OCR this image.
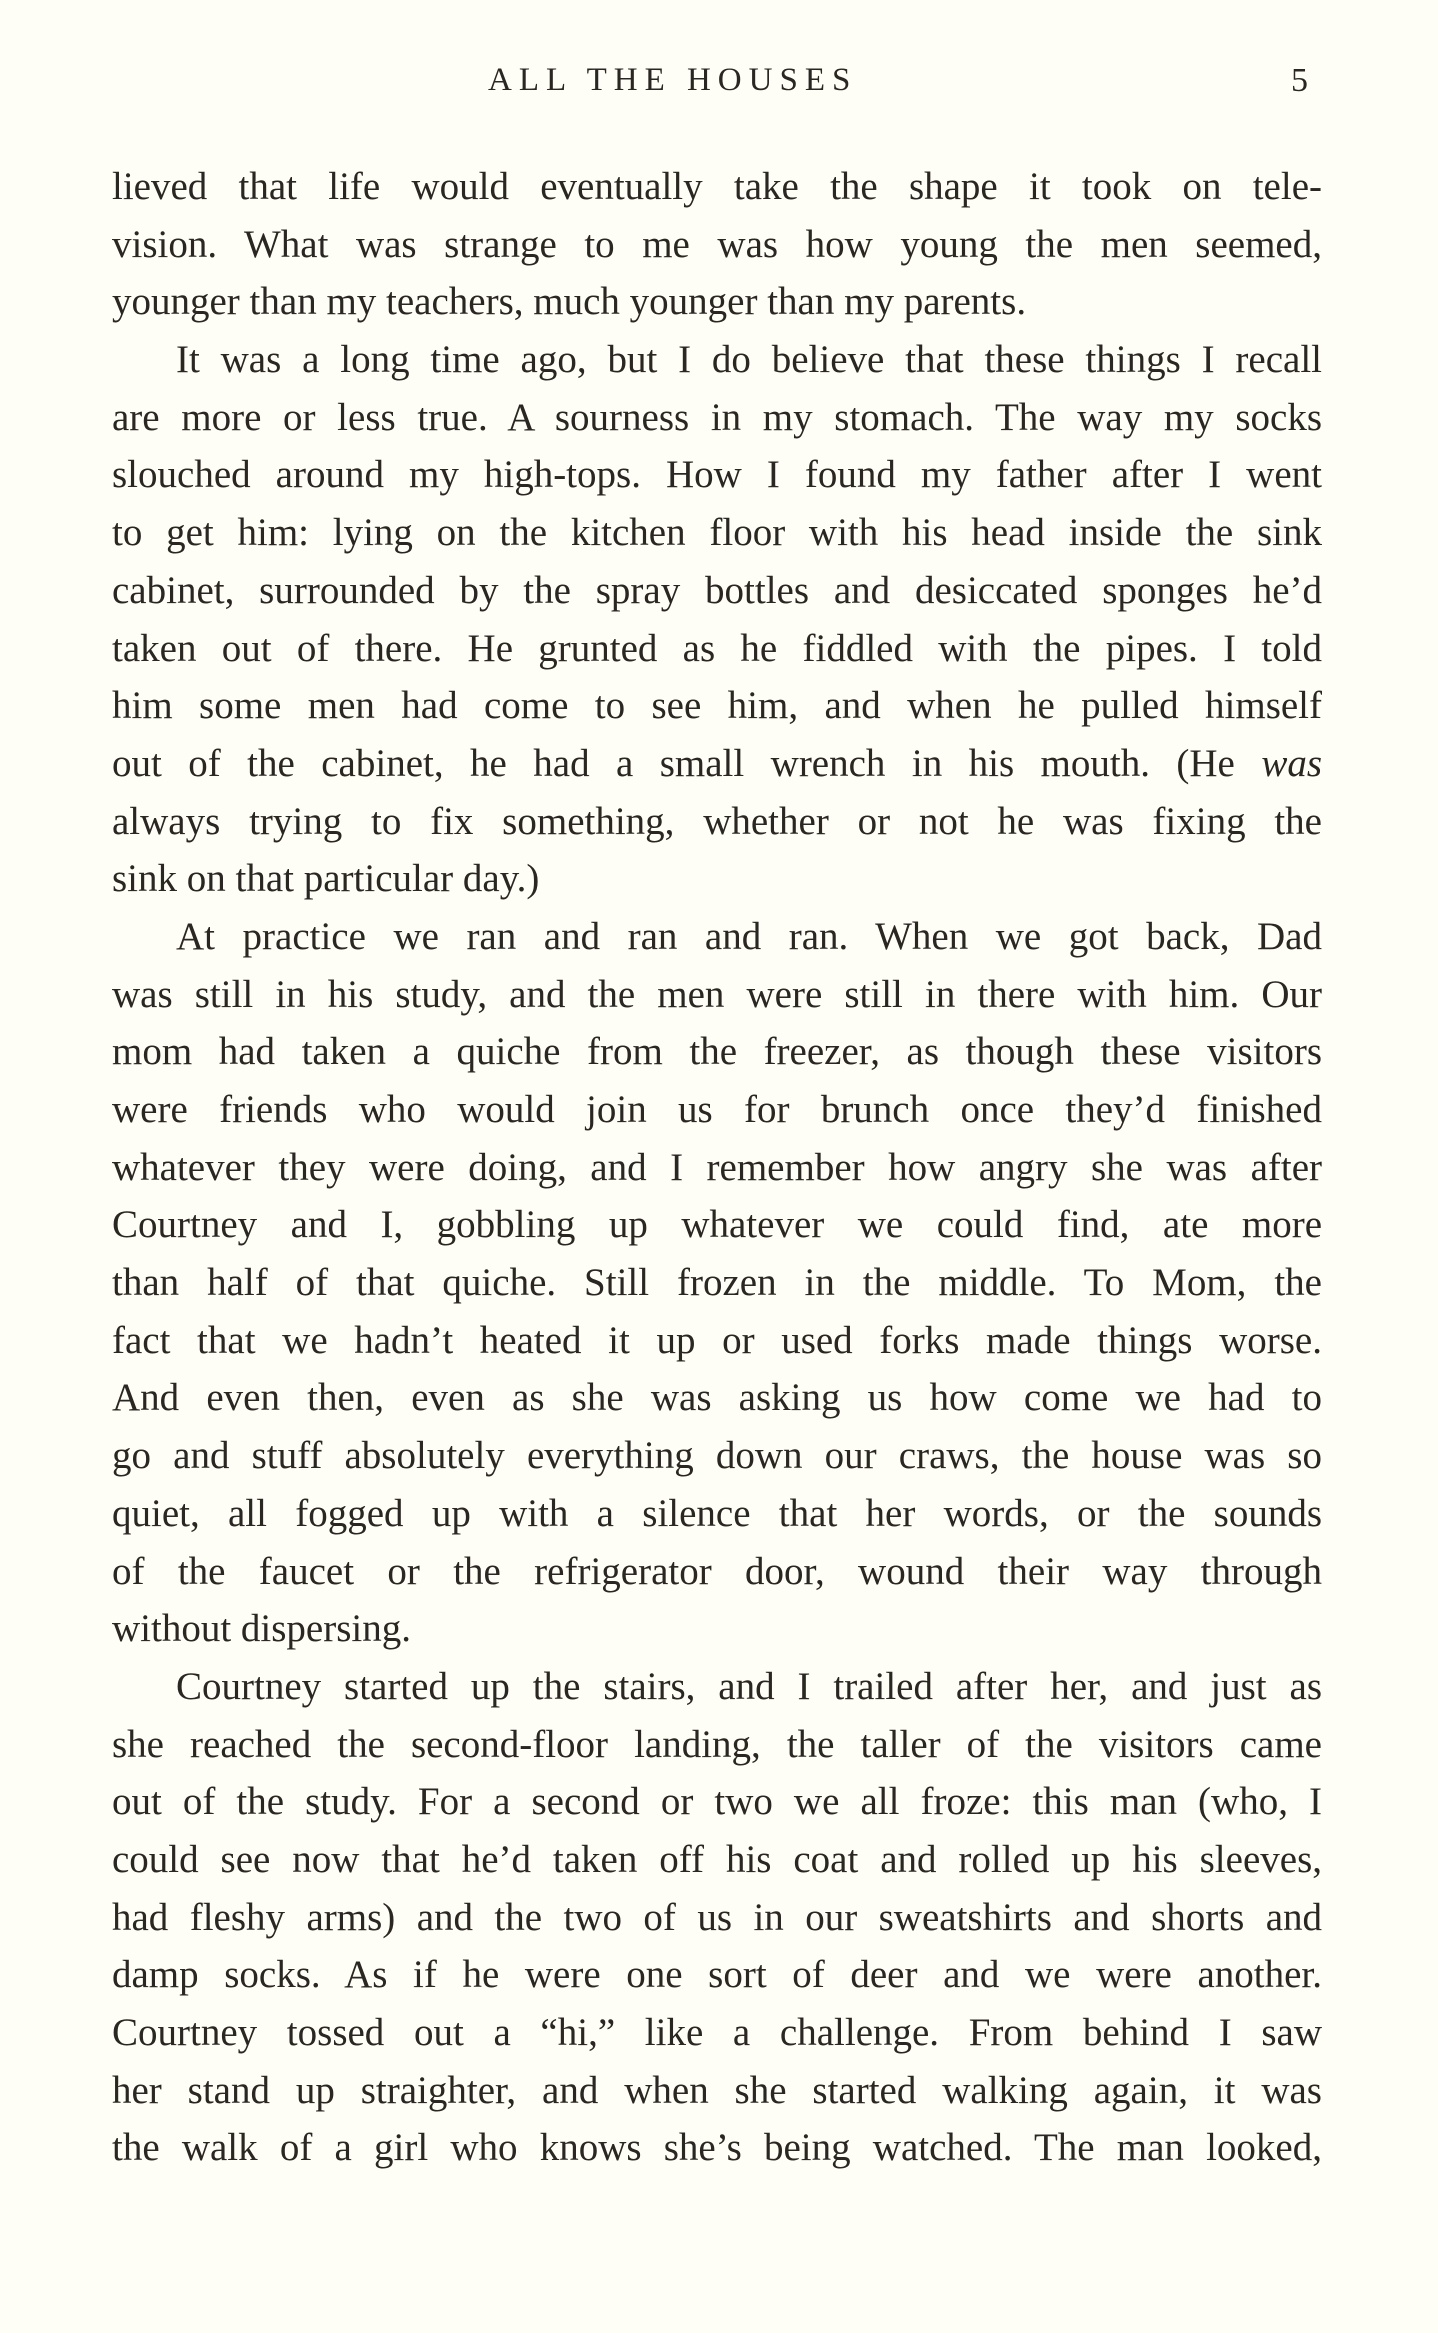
ALL THE HOUSES	5
lieved that life would eventually take the shape it took on tele-
vision. What was strange to me was how young the men seemed,
younger than my teachers, much younger than my parents.
It was a long time ago, but I do believe that these things I recall
are more or less true. A sourness in my stomach. The way my socks
slouched around my high-tops. How I found my father after I went
to get him: lying on the kitchen floor with his head inside the sink
cabinet, surrounded by the spray bottles and desiccated sponges he’d
taken out of there. He grunted as he fiddled with the pipes. I told
him some men had come to see him, and when he pulled himself
out of the cabinet, he had a small wrench in his mouth. (He was
always trying to fix something, whether or not he was fixing the
sink on that particular day.)
At practice we ran and ran and ran. When we got back, Dad
was still in his study, and the men were still in there with him. Our
mom had taken a quiche from the freezer, as though these visitors
were friends who would join us for brunch once they’d finished
whatever they were doing, and I remember how angry she was after
Courtney and I, gobbling up whatever we could find, ate more
than half of that quiche. Still frozen in the middle. To Mom, the
fact that we hadn’t heated it up or used forks made things worse.
And even then, even as she was asking us how come we had to
go and stuff absolutely everything down our craws, the house was so
quiet, all fogged up with a silence that her words, or the sounds
of the faucet or the refrigerator door, wound their way through
without dispersing.
Courtney started up the stairs, and I trailed after her, and just as
she reached the second-floor landing, the taller of the visitors came
out of the study. For a second or two we all froze: this man (who, I
could see now that he’d taken off his coat and rolled up his sleeves,
had fleshy arms) and the two of us in our sweatshirts and shorts and
damp socks. As if he were one sort of deer and we were another.
Courtney tossed out a “hi,” like a challenge. From behind I saw
her stand up straighter, and when she started walking again, it was
the walk of a girl who knows she’s being watched. The man looked,
